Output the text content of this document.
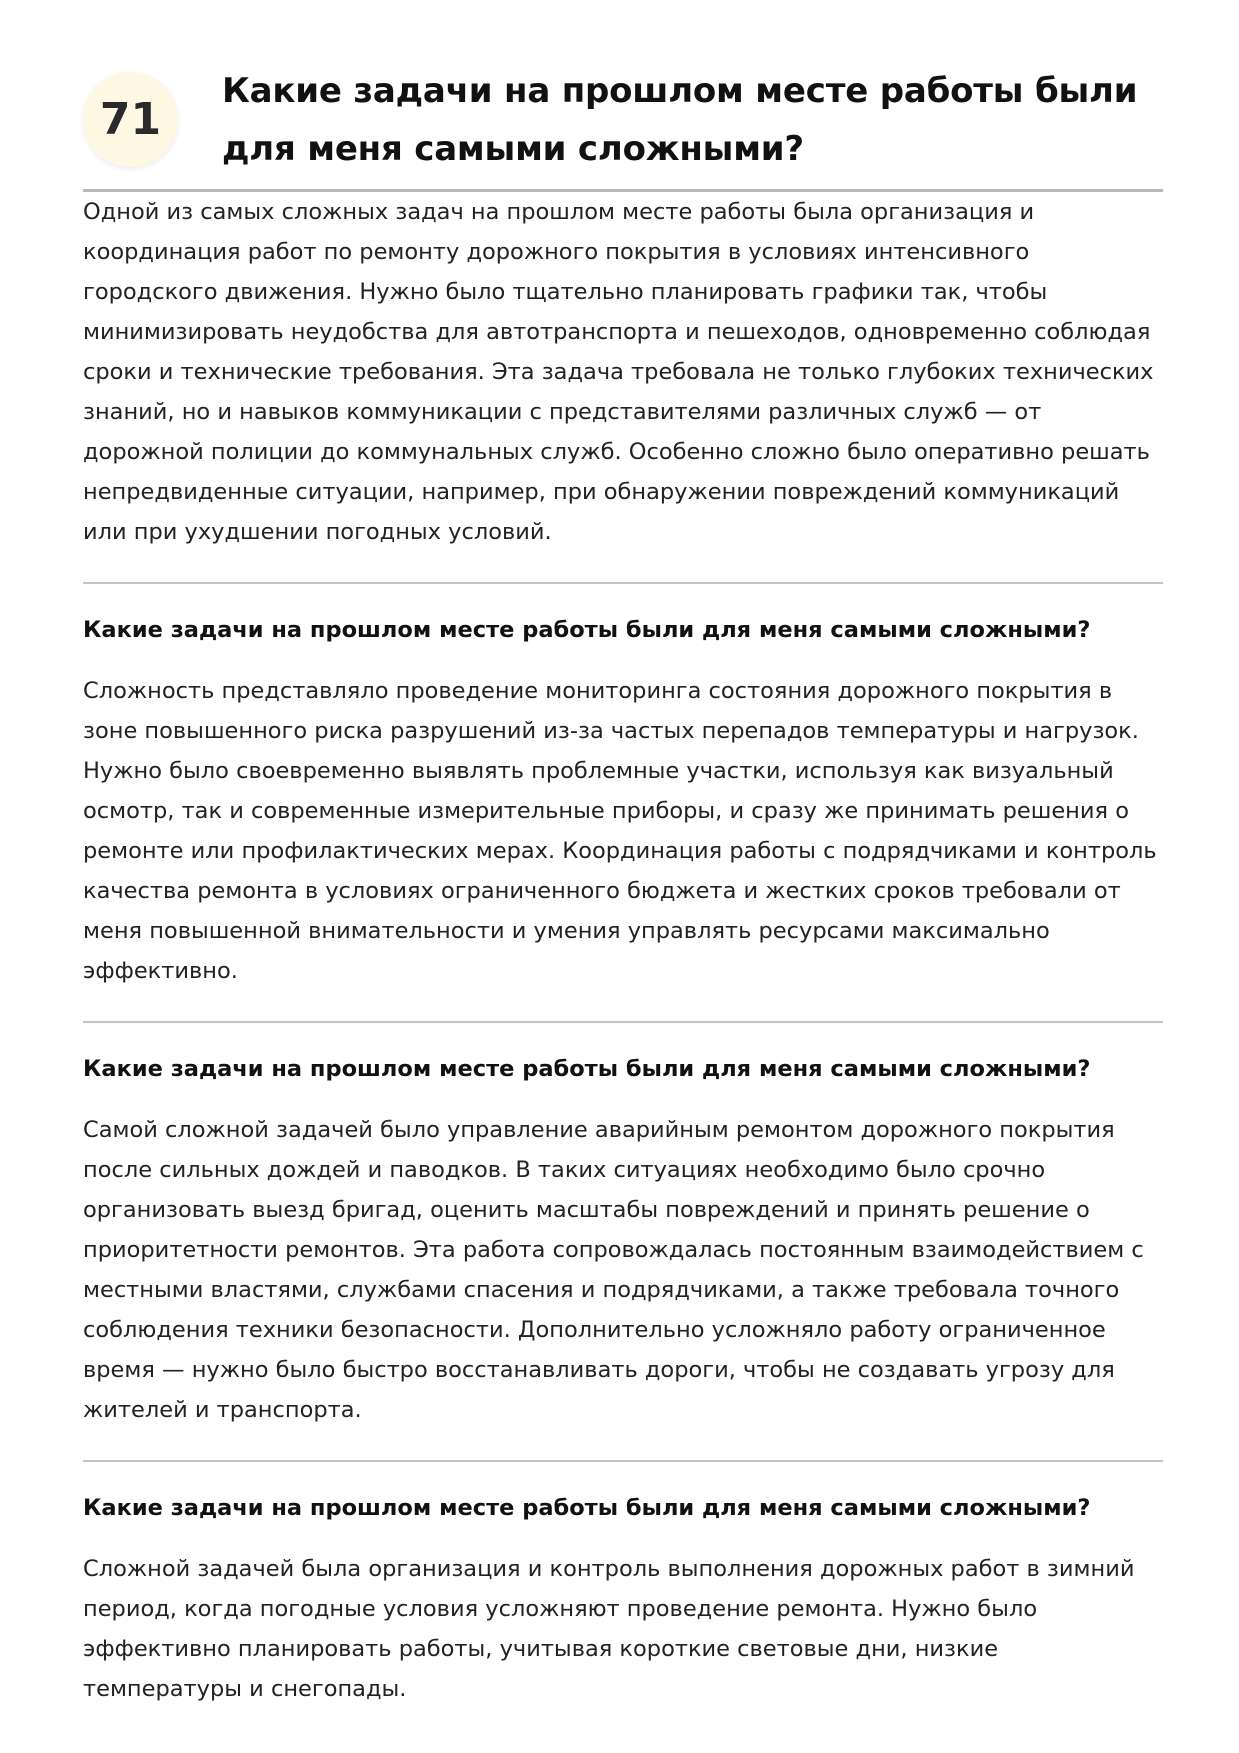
71
Какие задачи на прошлом месте работы были для меня самыми сложными?

Одной из самых сложных задач на прошлом месте работы была организация и координация работ по ремонту дорожного покрытия в условиях интенсивного городского движения. Нужно было тщательно планировать графики так, чтобы минимизировать неудобства для автотранспорта и пешеходов, одновременно соблюдая сроки и технические требования. Эта задача требовала не только глубоких технических знаний, но и навыков коммуникации с представителями различных служб — от дорожной полиции до коммунальных служб. Особенно сложно было оперативно решать непредвиденные ситуации, например, при обнаружении повреждений коммуникаций или при ухудшении погодных условий.

Какие задачи на прошлом месте работы были для меня самыми сложными?

Сложность представляло проведение мониторинга состояния дорожного покрытия в зоне повышенного риска разрушений из-за частых перепадов температуры и нагрузок. Нужно было своевременно выявлять проблемные участки, используя как визуальный осмотр, так и современные измерительные приборы, и сразу же принимать решения о ремонте или профилактических мерах. Координация работы с подрядчиками и контроль качества ремонта в условиях ограниченного бюджета и жестких сроков требовали от меня повышенной внимательности и умения управлять ресурсами максимально эффективно.

Какие задачи на прошлом месте работы были для меня самыми сложными?

Самой сложной задачей было управление аварийным ремонтом дорожного покрытия после сильных дождей и паводков. В таких ситуациях необходимо было срочно организовать выезд бригад, оценить масштабы повреждений и принять решение о приоритетности ремонтов. Эта работа сопровождалась постоянным взаимодействием с местными властями, службами спасения и подрядчиками, а также требовала точного соблюдения техники безопасности. Дополнительно усложняло работу ограниченное время — нужно было быстро восстанавливать дороги, чтобы не создавать угрозу для жителей и транспорта.

Какие задачи на прошлом месте работы были для меня самыми сложными?

Сложной задачей была организация и контроль выполнения дорожных работ в зимний период, когда погодные условия усложняют проведение ремонта. Нужно было эффективно планировать работы, учитывая короткие световые дни, низкие температуры и снегопады.
